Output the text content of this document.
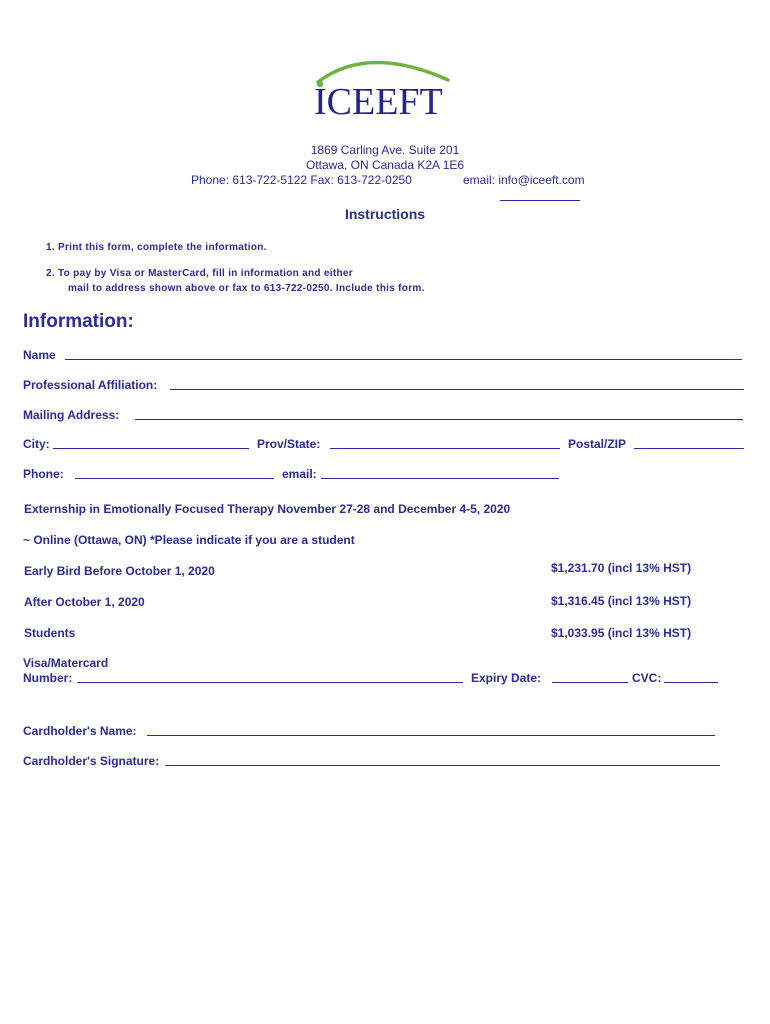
ICEEFT
1869 Carling Ave. Suite 201
Ottawa, ON Canada K2A 1E6
Phone: 613-722-5122 Fax: 613-722-0250	email: info@iceeft.com
Instructions
1. Print this form, complete the information.
2. To pay by Visa or MasterCard, fill in information and either
mail to address shown above or fax to 613-722-0250. Include this form.
Information:
Name
Professional Affiliation:
Mailing Address:
City:	Prov/State:	Postal/ZIP
Phone:	email:
Externship in Emotionally Focused Therapy November 27-28 and December 4-5, 2020
~ Online (Ottawa, ON) *Please indicate if you are a student
Early Bird Before October 1, 2020	$1,231.70 (incl 13% HST)
After October 1, 2020	$1,316.45 (incl 13% HST)
Students	$1,033.95 (incl 13% HST)
Visa/Matercard
Number:	Expiry Date:	CVC:
Cardholder's Name:
Cardholder's Signature:
